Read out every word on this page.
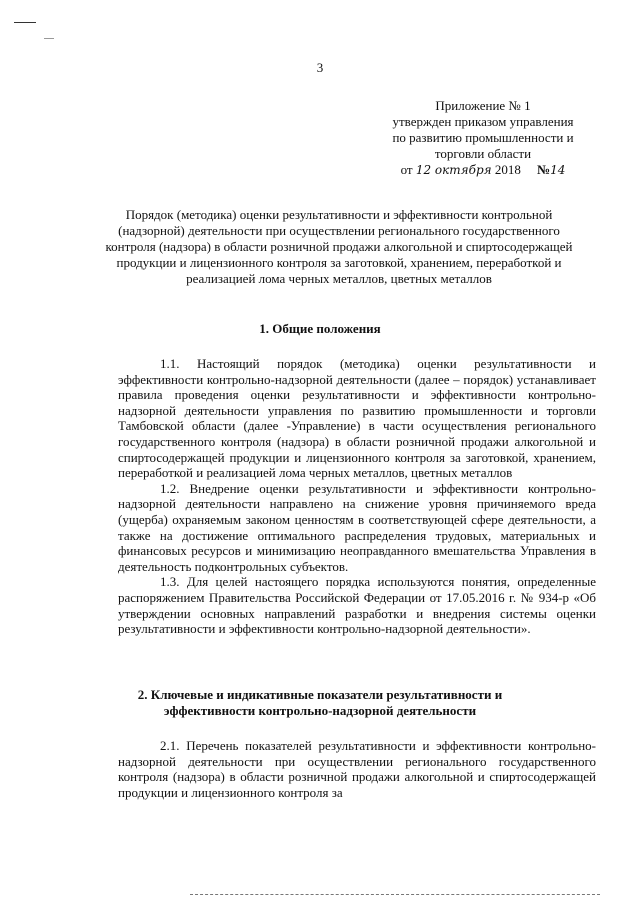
3
Приложение № 1
утвержден приказом управления
по развитию промышленности и
торговли области
от 12 октября 2018 №14
Порядок (методика) оценки результативности и эффективности контрольной (надзорной) деятельности при осуществлении регионального государственного контроля (надзора) в области розничной продажи алкогольной и спиртосодержащей продукции и лицензионного контроля за заготовкой, хранением, переработкой и реализацией лома черных металлов, цветных металлов
1. Общие положения

1.1. Настоящий порядок (методика) оценки результативности и эффективности контрольно-надзорной деятельности (далее – порядок) устанавливает правила проведения оценки результативности и эффективности контрольно-надзорной деятельности управления по развитию промышленности и торговли Тамбовской области (далее -Управление) в части осуществления регионального государственного контроля (надзора) в области розничной продажи алкогольной и спиртосодержащей продукции и лицензионного контроля за заготовкой, хранением, переработкой и реализацией лома черных металлов, цветных металлов

1.2. Внедрение оценки результативности и эффективности контрольно-надзорной деятельности направлено на снижение уровня причиняемого вреда (ущерба) охраняемым законом ценностям в соответствующей сфере деятельности, а также на достижение оптимального распределения трудовых, материальных и финансовых ресурсов и минимизацию неоправданного вмешательства Управления в деятельность подконтрольных субъектов.

1.3. Для целей настоящего порядка используются понятия, определенные распоряжением Правительства Российской Федерации от 17.05.2016 г. № 934-р «Об утверждении основных направлений разработки и внедрения системы оценки результативности и эффективности контрольно-надзорной деятельности».

2. Ключевые и индикативные показатели результативности и
эффективности контрольно-надзорной деятельности

2.1. Перечень показателей результативности и эффективности контрольно-надзорной деятельности при осуществлении регионального государственного контроля (надзора) в области розничной продажи алкогольной и спиртосодержащей продукции и лицензионного контроля за
